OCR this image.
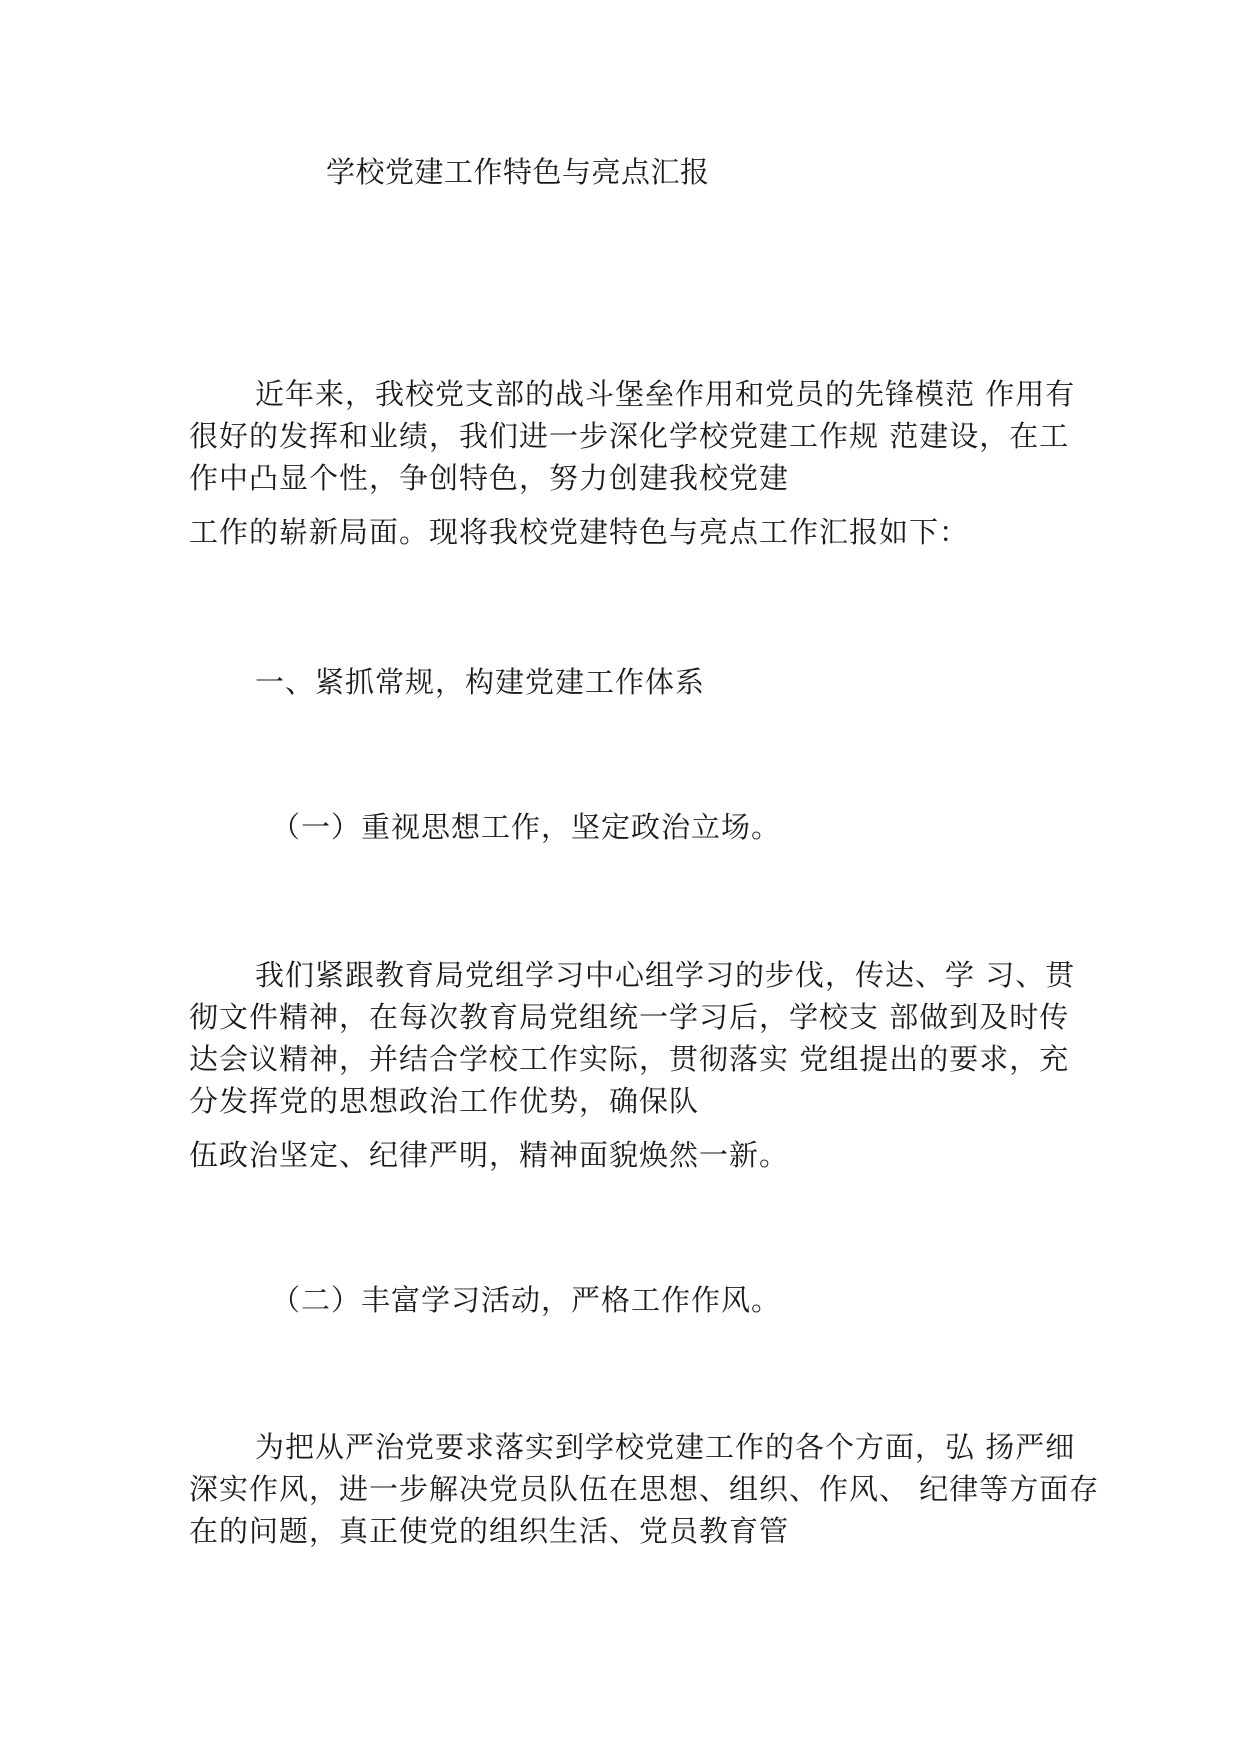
学校党建工作特色与亮点汇报
近年来，我校党支部的战斗堡垒作用和党员的先锋模范 作用有
很好的发挥和业绩，我们进一步深化学校党建工作规 范建设，在工
作中凸显个性，争创特色，努力创建我校党建
工作的崭新局面。现将我校党建特色与亮点工作汇报如下：
一、紧抓常规，构建党建工作体系
（一）重视思想工作，坚定政治立场。
我们紧跟教育局党组学习中心组学习的步伐，传达、学 习、贯
彻文件精神，在每次教育局党组统一学习后，学校支 部做到及时传
达会议精神，并结合学校工作实际，贯彻落实 党组提出的要求，充
分发挥党的思想政治工作优势，确保队
伍政治坚定、纪律严明，精神面貌焕然一新。
（二）丰富学习活动，严格工作作风。
为把从严治党要求落实到学校党建工作的各个方面，弘 扬严细
深实作风，进一步解决党员队伍在思想、组织、作风、 纪律等方面存
在的问题，真正使党的组织生活、党员教育管
